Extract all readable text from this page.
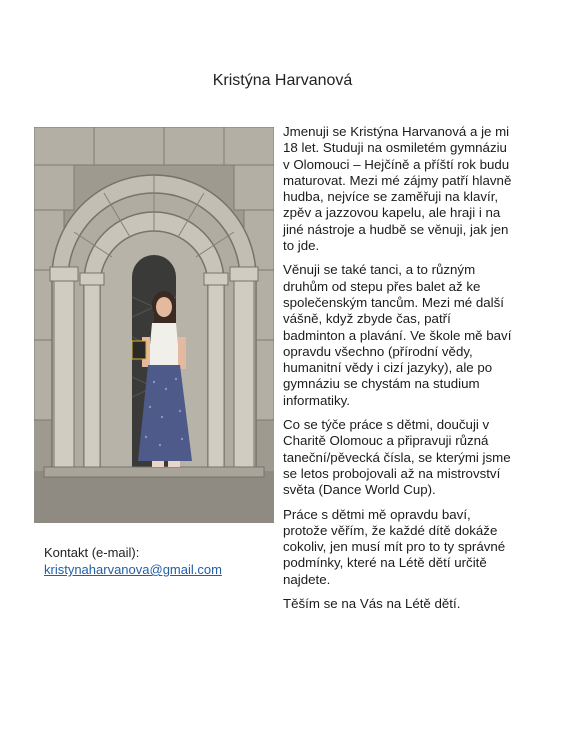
Kristýna Harvanová

Jmenuji se Kristýna Harvanová a je mi 18 let. Studuji na osmiletém gymnáziu v Olomouci – Hejčíně a příští rok budu maturovat. Mezi mé zájmy patří hlavně hudba, nejvíce se zaměřuji na klavír, zpěv a jazzovou kapelu, ale hraji i na jiné nástroje a hudbě se věnuji, jak jen to jde.

Věnuji se také tanci, a to různým druhům od stepu přes balet až ke společenským tancům. Mezi mé další vášně, když zbyde čas, patří badminton a plavání. Ve škole mě baví opravdu všechno (přírodní vědy, humanitní vědy i cizí jazyky), ale po gymnáziu se chystám na studium informatiky.

Co se týče práce s dětmi, doučuji v Charitě Olomouc a připravuji různá taneční/pěvecká čísla, se kterými jsme se letos probojovali až na mistrovství světa (Dance World Cup).

Práce s dětmi mě opravdu baví, protože věřím, že každé dítě dokáže cokoliv, jen musí mít pro to ty správné podmínky, které na Létě dětí určitě najdete.

Těším se na Vás na Létě dětí.

Kontakt (e-mail):
kristynaharvanova@gmail.com
